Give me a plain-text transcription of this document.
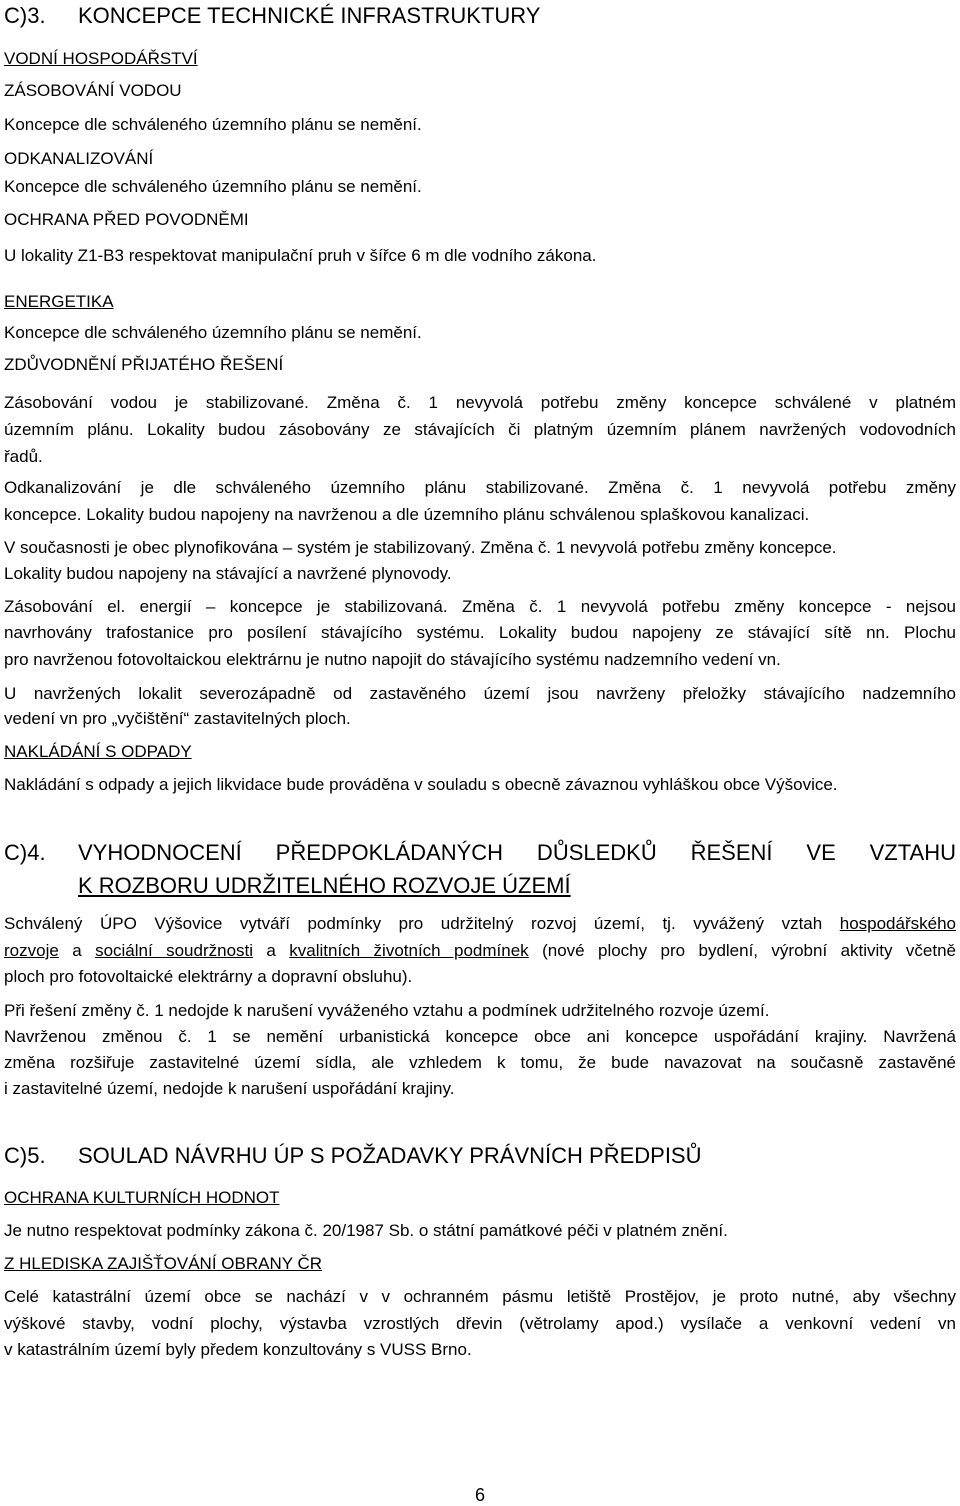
C)3. KONCEPCE TECHNICKÉ INFRASTRUKTURY
VODNÍ HOSPODÁŘSTVÍ
ZÁSOBOVÁNÍ VODOU
Koncepce dle schváleného územního plánu se nemění.
ODKANALIZOVÁNÍ
Koncepce dle schváleného územního plánu se nemění.
OCHRANA PŘED POVODNĚMI
U lokality Z1-B3 respektovat manipulační pruh v šířce 6 m dle vodního zákona.
ENERGETIKA
Koncepce dle schváleného územního plánu se nemění.
ZDŮVODNĚNÍ PŘIJATÉHO ŘEŠENÍ
Zásobování vodou je stabilizované. Změna č. 1 nevyvolá potřebu změny koncepce schválené v platném
územním plánu. Lokality budou zásobovány ze stávajících či platným územním plánem navržených vodovodních
řadů.
Odkanalizování je dle schváleného územního plánu stabilizované. Změna č. 1 nevyvolá potřebu změny
koncepce. Lokality budou napojeny na navrženou a dle územního plánu schválenou splaškovou kanalizaci.
V současnosti je obec plynofikována – systém je stabilizovaný. Změna č. 1 nevyvolá potřebu změny koncepce.
Lokality budou napojeny na stávající a navržené plynovody.
Zásobování el. energií – koncepce je stabilizovaná. Změna č. 1 nevyvolá potřebu změny koncepce - nejsou
navrhovány trafostanice pro posílení stávajícího systému. Lokality budou napojeny ze stávající sítě nn. Plochu
pro navrženou fotovoltaickou elektrárnu je nutno napojit do stávajícího systému nadzemního vedení vn.
U navržených lokalit severozápadně od zastavěného území jsou navrženy přeložky stávajícího nadzemního
vedení vn pro „vyčištění“ zastavitelných ploch.
NAKLÁDÁNÍ S ODPADY
Nakládání s odpady a jejich likvidace bude prováděna v souladu s obecně závaznou vyhláškou obce Výšovice.
C)4. VYHODNOCENÍ PŘEDPOKLÁDANÝCH DŮSLEDKŮ ŘEŠENÍ VE VZTAHU
K ROZBORU UDRŽITELNÉHO ROZVOJE ÚZEMÍ
Schválený ÚPO Výšovice vytváří podmínky pro udržitelný rozvoj území, tj. vyvážený vztah hospodářského
rozvoje a sociální soudržnosti a kvalitních životních podmínek (nové plochy pro bydlení, výrobní aktivity včetně
ploch pro fotovoltaické elektrárny a dopravní obsluhu).
Při řešení změny č. 1 nedojde k narušení vyváženého vztahu a podmínek udržitelného rozvoje území.
Navrženou změnou č. 1 se nemění urbanistická koncepce obce ani koncepce uspořádání krajiny. Navržená
změna rozšiřuje zastavitelné území sídla, ale vzhledem k tomu, že bude navazovat na současně zastavěné
i zastavitelné území, nedojde k narušení uspořádání krajiny.
C)5. SOULAD NÁVRHU ÚP S POŽADAVKY PRÁVNÍCH PŘEDPISŮ
OCHRANA KULTURNÍCH HODNOT
Je nutno respektovat podmínky zákona č. 20/1987 Sb. o státní památkové péči v platném znění.
Z HLEDISKA ZAJIŠŤOVÁNÍ OBRANY ČR
Celé katastrální území obce se nachází v v ochranném pásmu letiště Prostějov, je proto nutné, aby všechny
výškové stavby, vodní plochy, výstavba vzrostlých dřevin (větrolamy apod.) vysílače a venkovní vedení vn
v katastrálním území byly předem konzultovány s VUSS Brno.
6
